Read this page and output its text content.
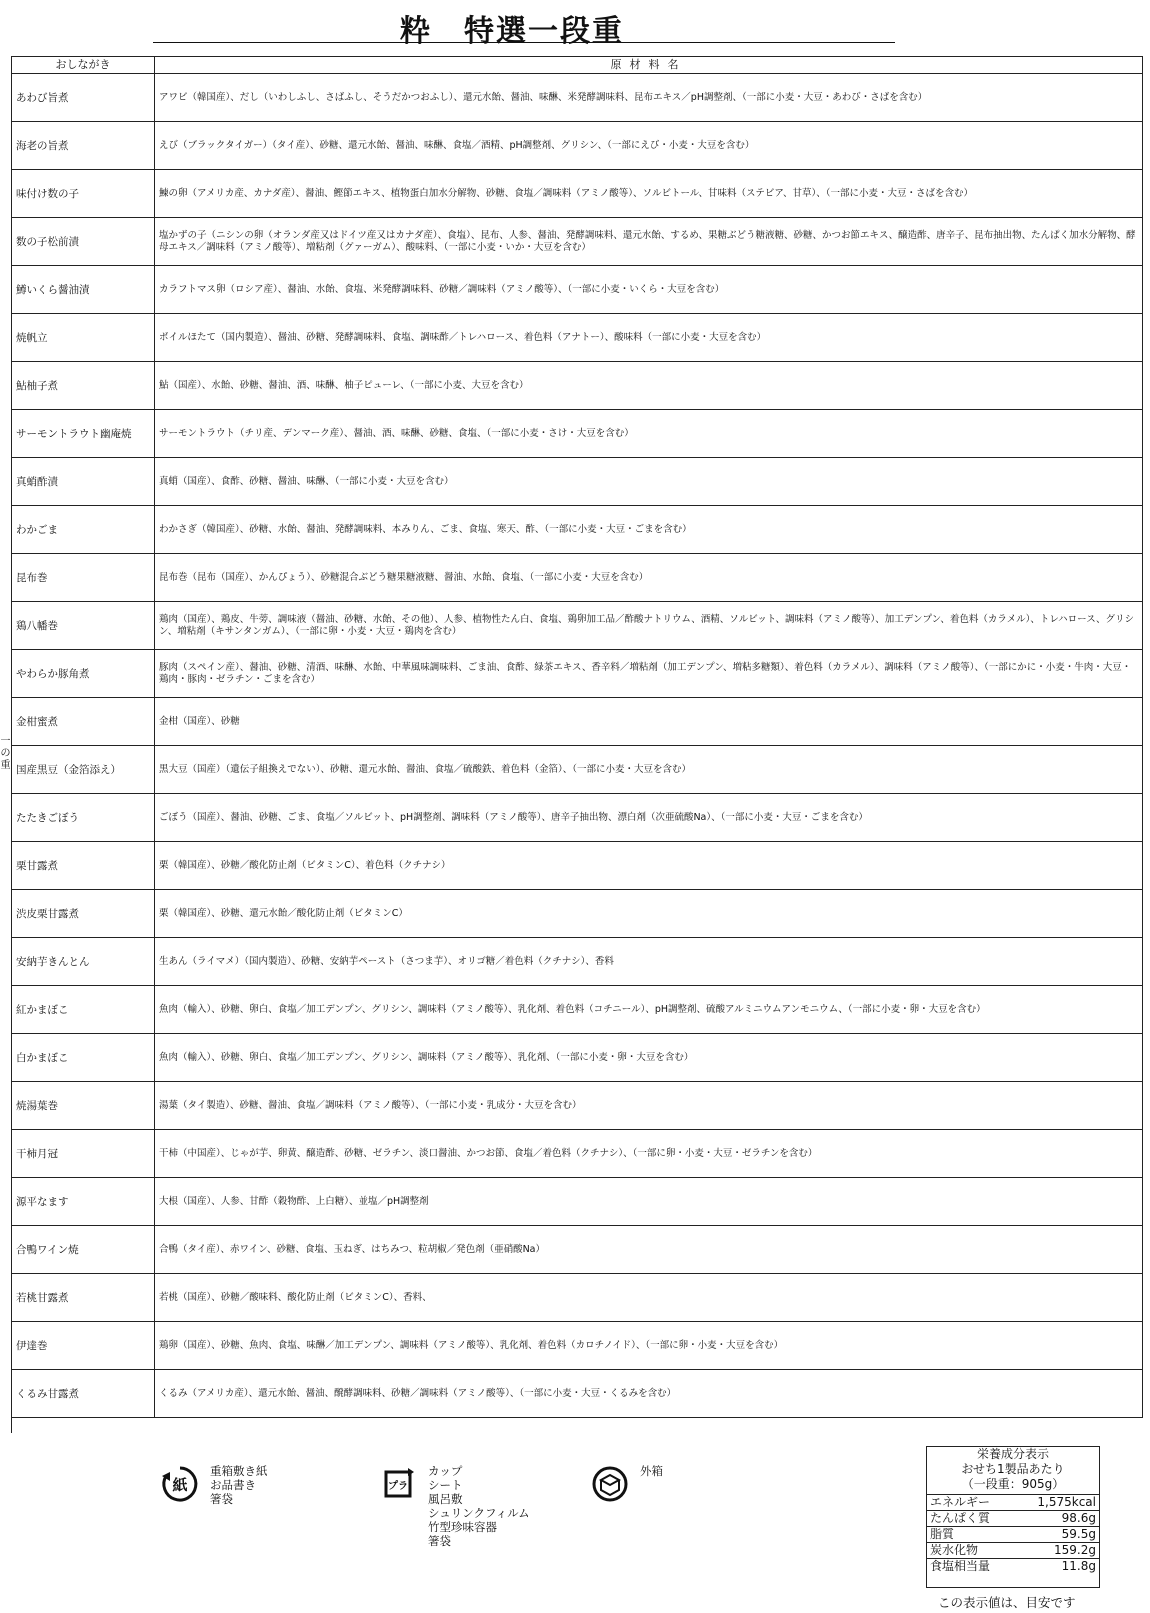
粋　特選一段重
一の重
おしながき	原材料名
あわび旨煮	アワビ（韓国産）、だし（いわしふし、さばふし、そうだかつおふし）、還元水飴、醤油、味醂、米発酵調味料、昆布エキス／pH調整剤、（一部に小麦・大豆・あわび・さばを含む）
海老の旨煮	えび（ブラックタイガー）（タイ産）、砂糖、還元水飴、醤油、味醂、食塩／酒精、pH調整剤、グリシン、（一部にえび・小麦・大豆を含む）
味付け数の子	鰊の卵（アメリカ産、カナダ産）、醤油、鰹節エキス、植物蛋白加水分解物、砂糖、食塩／調味料（アミノ酸等）、ソルビトール、甘味料（ステビア、甘草）、（一部に小麦・大豆・さばを含む）
数の子松前漬	塩かずの子（ニシンの卵（オランダ産又はドイツ産又はカナダ産）、食塩）、昆布、人参、醤油、発酵調味料、還元水飴、するめ、果糖ぶどう糖液糖、砂糖、かつお節エキス、醸造酢、唐辛子、昆布抽出物、たんぱく加水分解物、酵母エキス／調味料（アミノ酸等）、増粘剤（グァーガム）、酸味料、（一部に小麦・いか・大豆を含む）
鱒いくら醤油漬	カラフトマス卵（ロシア産）、醤油、水飴、食塩、米発酵調味料、砂糖／調味料（アミノ酸等）、（一部に小麦・いくら・大豆を含む）
焼帆立	ボイルほたて（国内製造）、醤油、砂糖、発酵調味料、食塩、調味酢／トレハロース、着色料（アナトー）、酸味料（一部に小麦・大豆を含む）
鮎柚子煮	鮎（国産）、水飴、砂糖、醤油、酒、味醂、柚子ピューレ、（一部に小麦、大豆を含む）
サーモントラウト幽庵焼	サーモントラウト（チリ産、デンマーク産）、醤油、酒、味醂、砂糖、食塩、（一部に小麦・さけ・大豆を含む）
真蛸酢漬	真蛸（国産）、食酢、砂糖、醤油、味醂、（一部に小麦・大豆を含む）
わかごま	わかさぎ（韓国産）、砂糖、水飴、醤油、発酵調味料、本みりん、ごま、食塩、寒天、酢、（一部に小麦・大豆・ごまを含む）
昆布巻	昆布巻（昆布（国産）、かんぴょう）、砂糖混合ぶどう糖果糖液糖、醤油、水飴、食塩、（一部に小麦・大豆を含む）
鶏八幡巻	鶏肉（国産）、鶏皮、牛蒡、調味液（醤油、砂糖、水飴、その他）、人参、植物性たん白、食塩、鶏卵加工品／酢酸ナトリウム、酒精、ソルビット、調味料（アミノ酸等）、加工デンプン、着色料（カラメル）、トレハロース、グリシン、増粘剤（キサンタンガム）、（一部に卵・小麦・大豆・鶏肉を含む）
やわらか豚角煮	豚肉（スペイン産）、醤油、砂糖、清酒、味醂、水飴、中華風味調味料、ごま油、食酢、緑茶エキス、香辛料／増粘剤（加工デンプン、増粘多糖類）、着色料（カラメル）、調味料（アミノ酸等）、（一部にかに・小麦・牛肉・大豆・鶏肉・豚肉・ゼラチン・ごまを含む）
金柑蜜煮	金柑（国産）、砂糖
国産黒豆（金箔添え）	黒大豆（国産）（遺伝子組換えでない）、砂糖、還元水飴、醤油、食塩／硫酸鉄、着色料（金箔）、（一部に小麦・大豆を含む）
たたきごぼう	ごぼう（国産）、醤油、砂糖、ごま、食塩／ソルビット、pH調整剤、調味料（アミノ酸等）、唐辛子抽出物、漂白剤（次亜硫酸Na）、（一部に小麦・大豆・ごまを含む）
栗甘露煮	栗（韓国産）、砂糖／酸化防止剤（ビタミンC）、着色料（クチナシ）
渋皮栗甘露煮	栗（韓国産）、砂糖、還元水飴／酸化防止剤（ビタミンC）
安納芋きんとん	生あん（ライマメ）（国内製造）、砂糖、安納芋ペースト（さつま芋）、オリゴ糖／着色料（クチナシ）、香料
紅かまぼこ	魚肉（輸入）、砂糖、卵白、食塩／加工デンプン、グリシン、調味料（アミノ酸等）、乳化剤、着色料（コチニール）、pH調整剤、硫酸アルミニウムアンモニウム、（一部に小麦・卵・大豆を含む）
白かまぼこ	魚肉（輸入）、砂糖、卵白、食塩／加工デンプン、グリシン、調味料（アミノ酸等）、乳化剤、（一部に小麦・卵・大豆を含む）
焼湯葉巻	湯葉（タイ製造）、砂糖、醤油、食塩／調味料（アミノ酸等）、（一部に小麦・乳成分・大豆を含む）
干柿月冠	干柿（中国産）、じゃが芋、卵黄、醸造酢、砂糖、ゼラチン、淡口醤油、かつお節、食塩／着色料（クチナシ）、（一部に卵・小麦・大豆・ゼラチンを含む）
源平なます	大根（国産）、人参、甘酢（穀物酢、上白糖）、並塩／pH調整剤
合鴨ワイン焼	合鴨（タイ産）、赤ワイン、砂糖、食塩、玉ねぎ、はちみつ、粒胡椒／発色剤（亜硝酸Na）
若桃甘露煮	若桃（国産）、砂糖／酸味料、酸化防止剤（ビタミンC）、香料、
伊達巻	鶏卵（国産）、砂糖、魚肉、食塩、味醂／加工デンプン、調味料（アミノ酸等）、乳化剤、着色料（カロチノイド）、（一部に卵・小麦・大豆を含む）
くるみ甘露煮	くるみ（アメリカ産）、還元水飴、醤油、醗酵調味料、砂糖／調味料（アミノ酸等）、（一部に小麦・大豆・くるみを含む）
紙
重箱敷き紙
お品書き
箸袋
プラ
カップ
シート
風呂敷
シュリンクフィルム
竹型珍味容器
箸袋
外箱
栄養成分表示
おせち1製品あたり
（一段重：905g）
エネルギー	1,575kcal
たんぱく質	98.6g
脂質	59.5g
炭水化物	159.2g
食塩相当量	11.8g
この表示値は、目安です
